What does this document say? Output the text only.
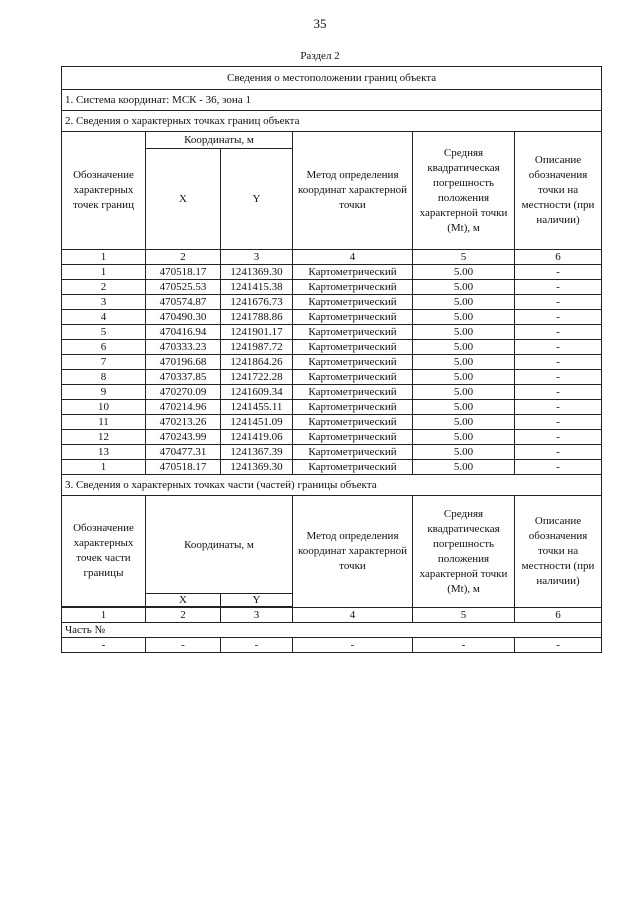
35
Раздел 2
Сведения о местоположении границ объекта					
1. Система координат: МСК - 36, зона 1					
2. Сведения о характерных точках границ объекта					
Обозначение характерных точек границ	Координаты, м		Метод определения координат характерной точки	Средняя квадратическая погрешность положения характерной точки (Mt), м	Описание обозначения точки на местности (при наличии)
	X	Y			
1	2	3	4	5	6
1	470518.17	1241369.30	Картометрический	5.00	-
2	470525.53	1241415.38	Картометрический	5.00	-
3	470574.87	1241676.73	Картометрический	5.00	-
4	470490.30	1241788.86	Картометрический	5.00	-
5	470416.94	1241901.17	Картометрический	5.00	-
6	470333.23	1241987.72	Картометрический	5.00	-
7	470196.68	1241864.26	Картометрический	5.00	-
8	470337.85	1241722.28	Картометрический	5.00	-
9	470270.09	1241609.34	Картометрический	5.00	-
10	470214.96	1241455.11	Картометрический	5.00	-
11	470213.26	1241451.09	Картометрический	5.00	-
12	470243.99	1241419.06	Картометрический	5.00	-
13	470477.31	1241367.39	Картометрический	5.00	-
1	470518.17	1241369.30	Картометрический	5.00	-
3. Сведения о характерных точках части (частей) границы объекта					
Обозначение характерных точек части границы	Координаты, м		Метод определения координат характерной точки	Средняя квадратическая погрешность положения характерной точки (Mt), м	Описание обозначения точки на местности (при наличии)
	X	Y			

1	2	3	4	5	6
Часть №					
-	-	-	-	-	-
